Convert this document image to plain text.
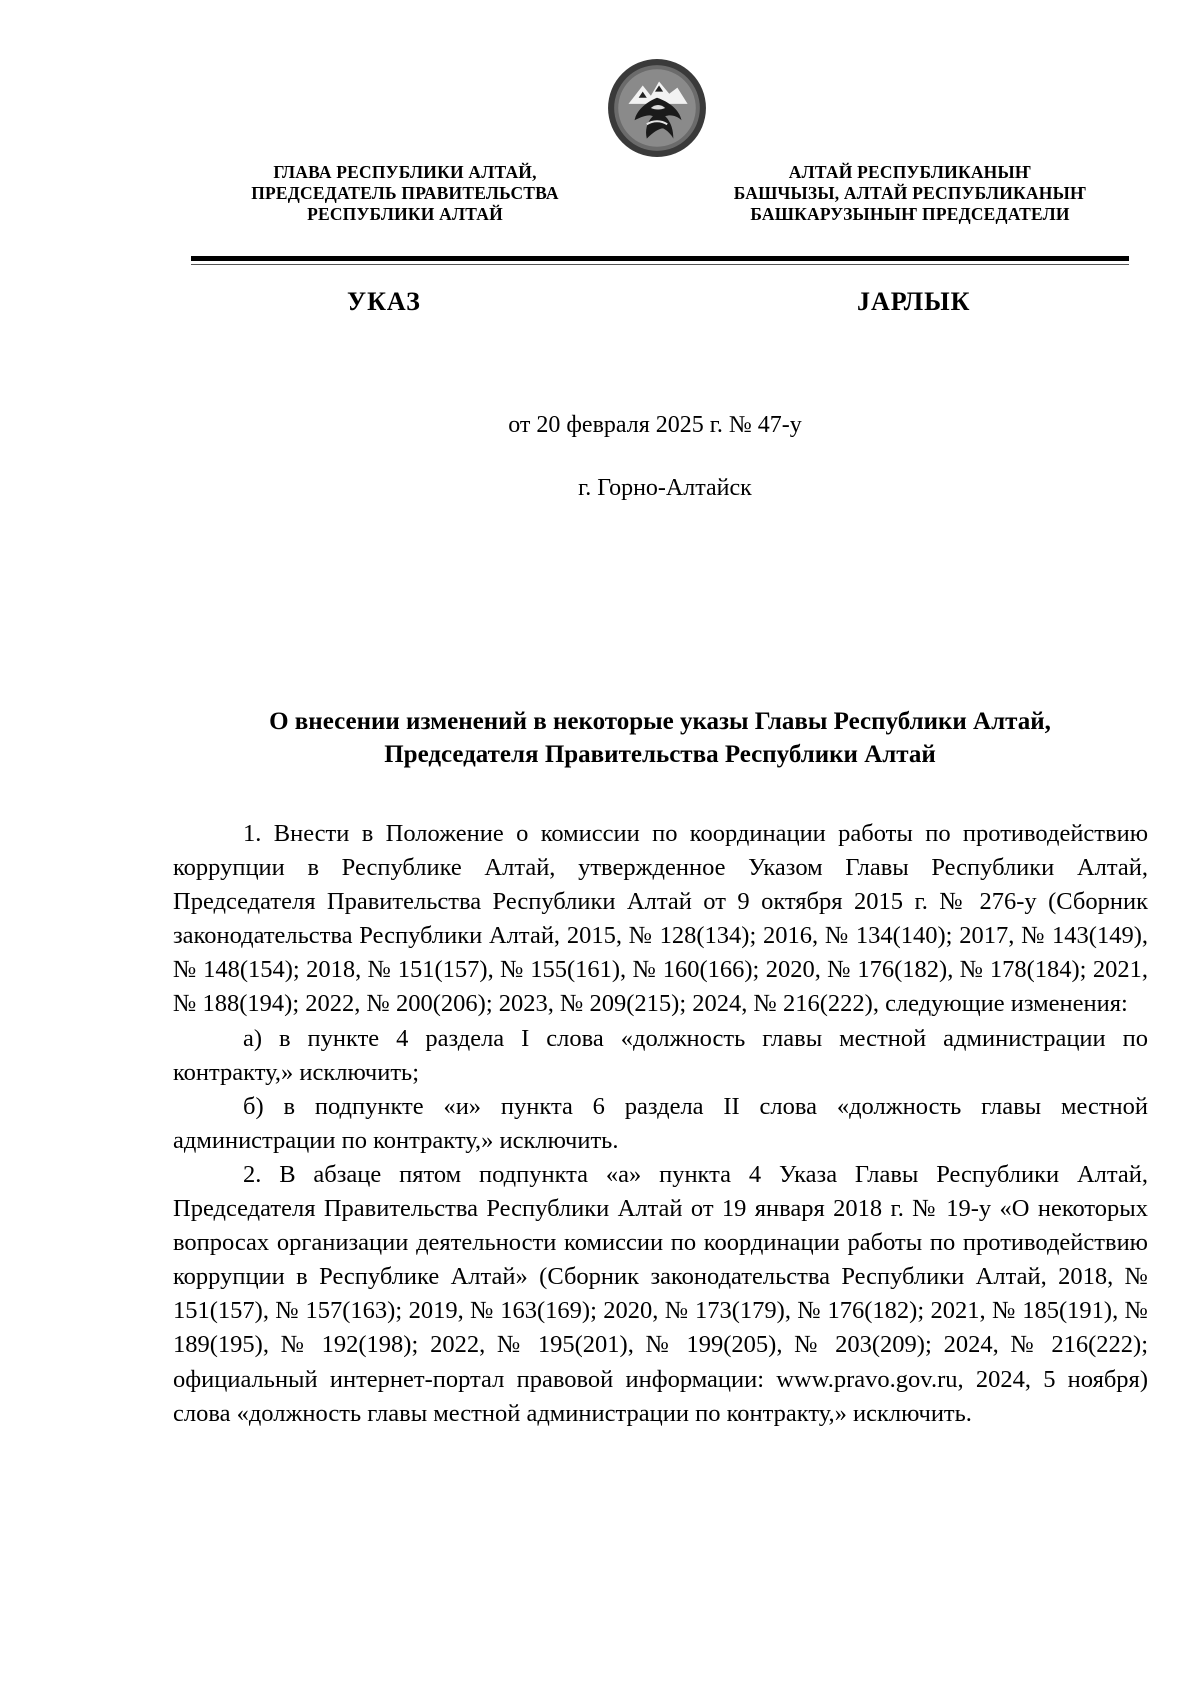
ГЛАВА РЕСПУБЛИКИ АЛТАЙ,
ПРЕДСЕДАТЕЛЬ ПРАВИТЕЛЬСТВА
РЕСПУБЛИКИ АЛТАЙ
АЛТАЙ РЕСПУБЛИКАНЫҤ
БАШЧЫЗЫ, АЛТАЙ РЕСПУБЛИКАНЫҤ
БАШКАРУЗЫНЫҤ ПРЕДСЕДАТЕЛИ
УКАЗ	JАРЛЫК
от 20 февраля 2025 г. № 47-у
г. Горно-Алтайск
О внесении изменений в некоторые указы Главы Республики Алтай,
Председателя Правительства Республики Алтай

1. Внести в Положение о комиссии по координации работы по противодействию коррупции в Республике Алтай, утвержденное Указом Главы Республики Алтай, Председателя Правительства Республики Алтай от 9 октября 2015 г. № 276-у (Сборник законодательства Республики Алтай, 2015, № 128(134); 2016, № 134(140); 2017, № 143(149), № 148(154); 2018, № 151(157), № 155(161), № 160(166); 2020, № 176(182), № 178(184); 2021, № 188(194); 2022, № 200(206); 2023, № 209(215); 2024, № 216(222), следующие изменения:

а) в пункте 4 раздела I слова «должность главы местной администрации по контракту,» исключить;

б) в подпункте «и» пункта 6 раздела II слова «должность главы местной администрации по контракту,» исключить.

2. В абзаце пятом подпункта «а» пункта 4 Указа Главы Республики Алтай, Председателя Правительства Республики Алтай от 19 января 2018 г. № 19-у «О некоторых вопросах организации деятельности комиссии по координации работы по противодействию коррупции в Республике Алтай» (Сборник законодательства Республики Алтай, 2018, № 151(157), № 157(163); 2019, № 163(169); 2020, № 173(179), № 176(182); 2021, № 185(191), № 189(195), № 192(198); 2022, № 195(201), № 199(205), № 203(209); 2024, № 216(222); официальный интернет-портал правовой информации: www.pravo.gov.ru, 2024, 5 ноября) слова «должность главы местной администрации по контракту,» исключить.
